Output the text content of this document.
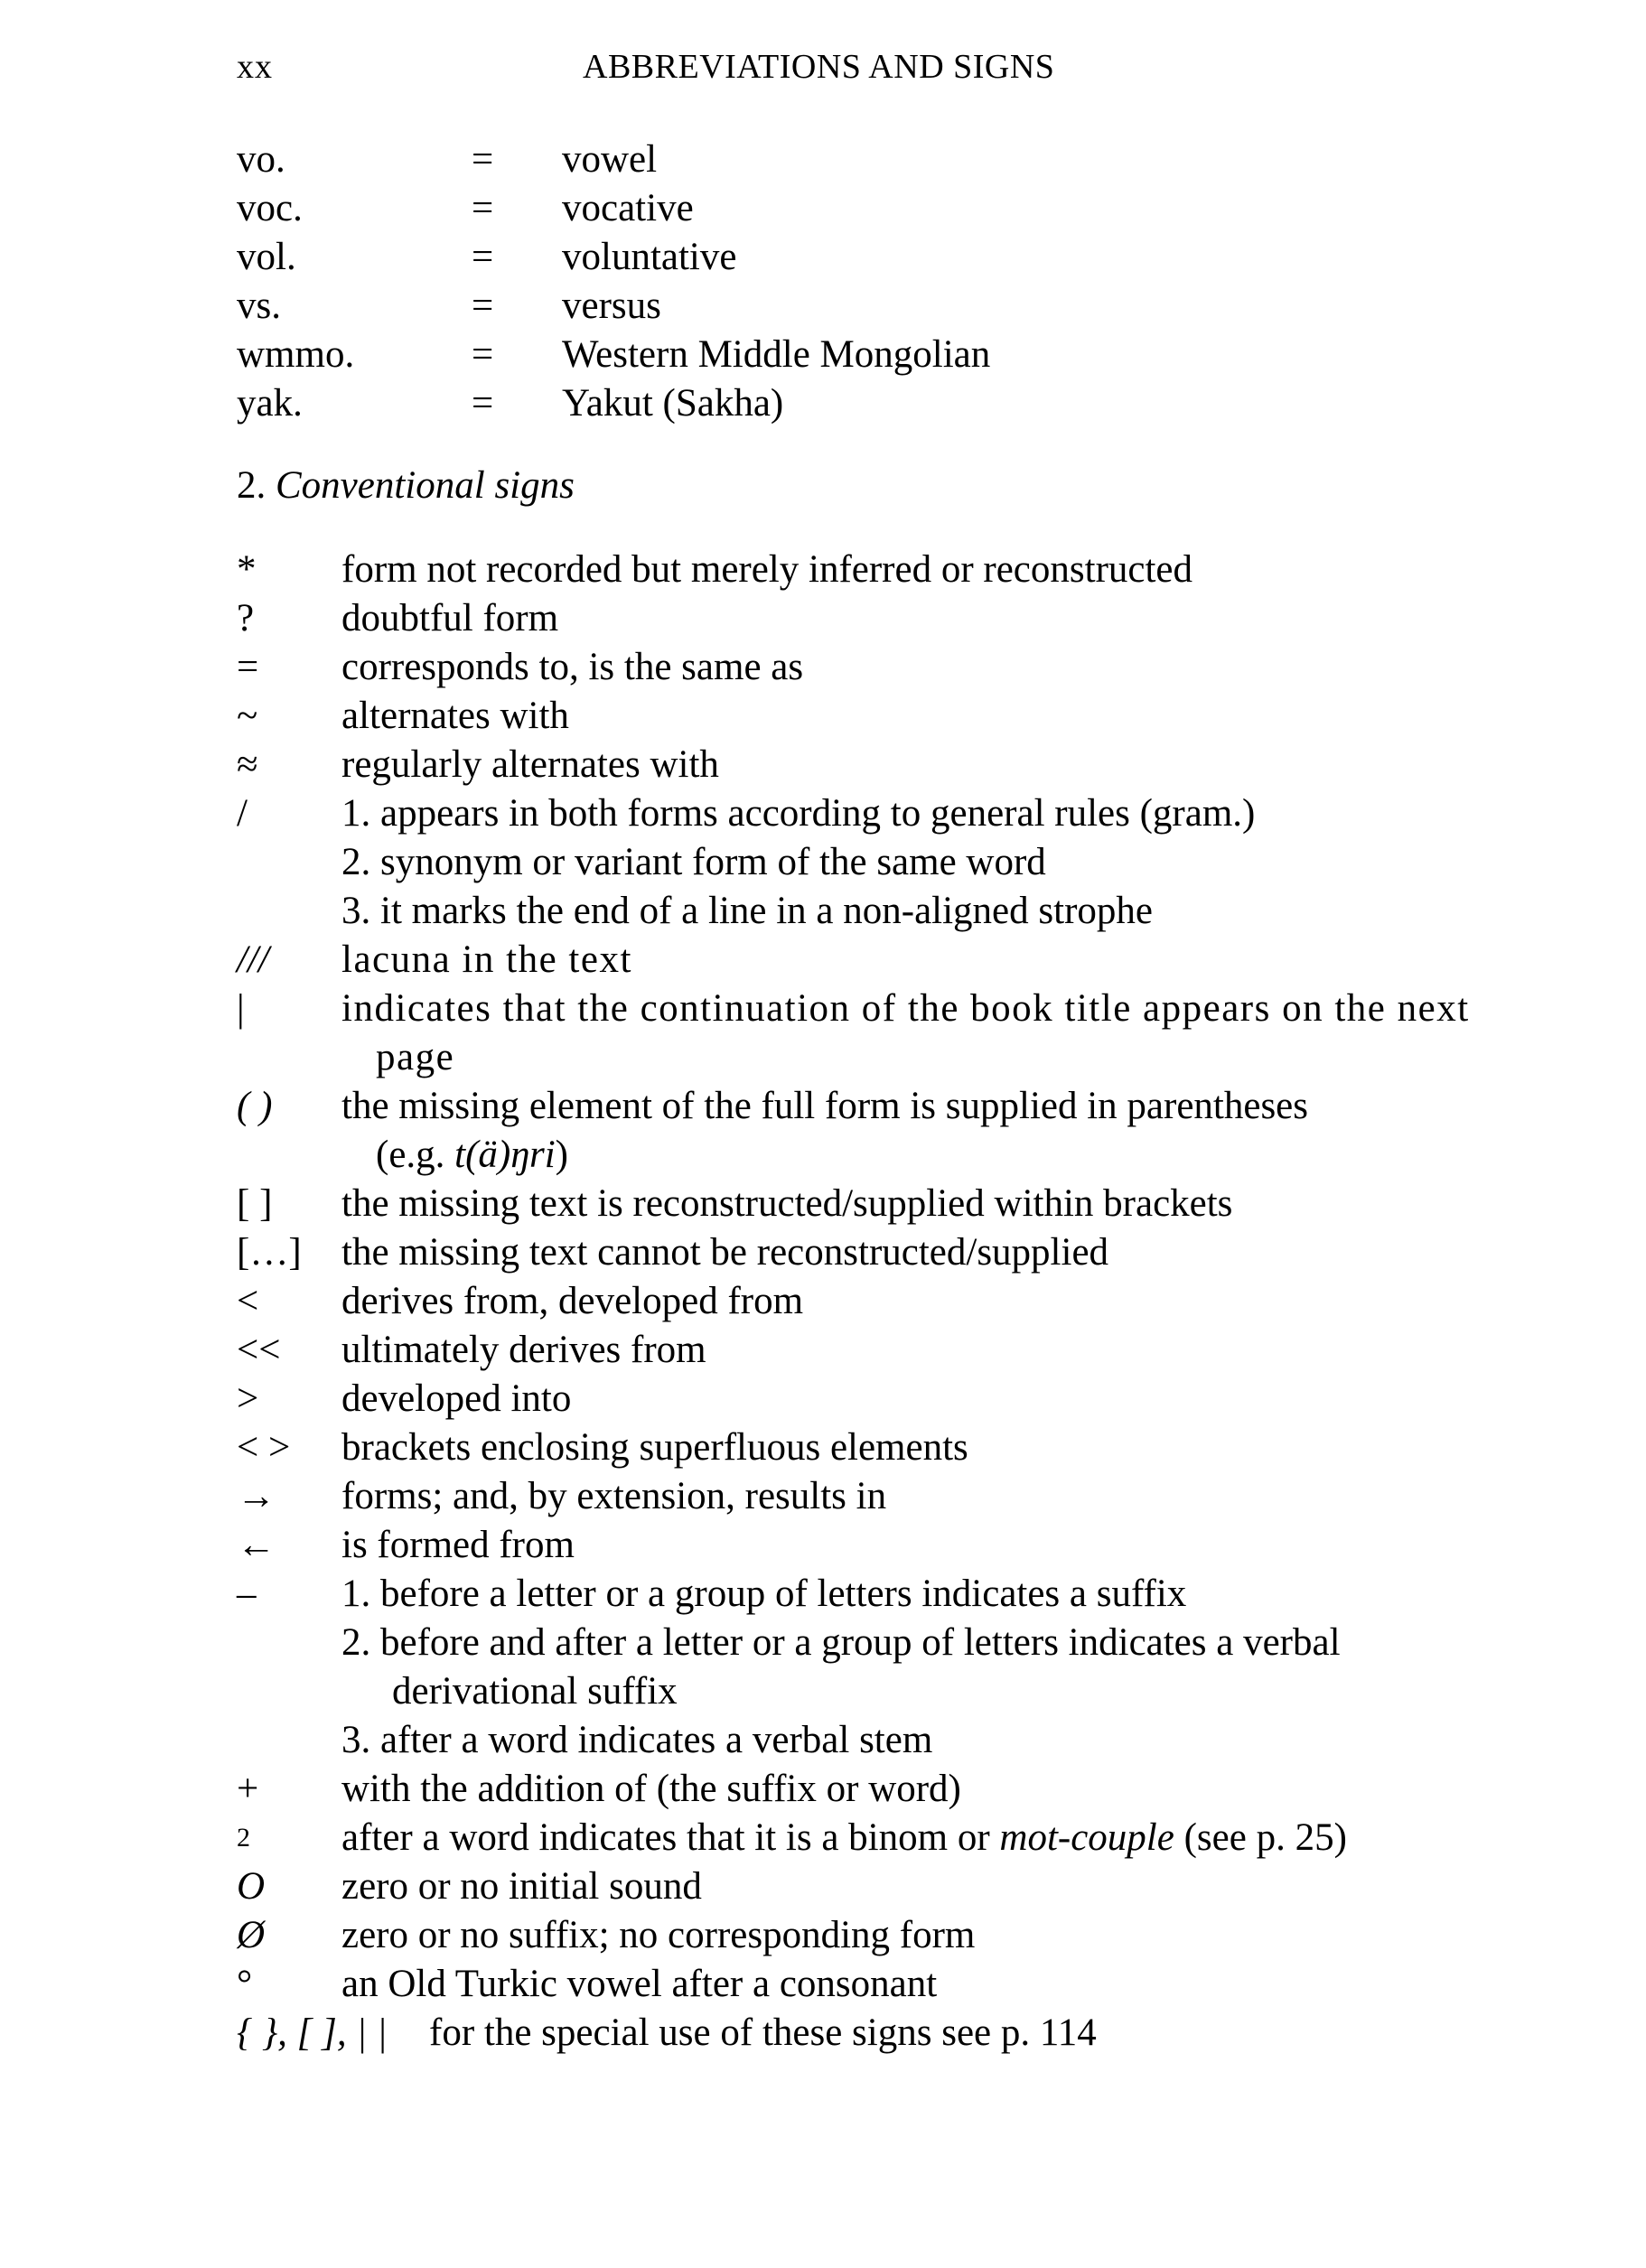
xx	ABBREVIATIONS AND SIGNS
vo.	= vowel
voc.	= vocative
vol.	= voluntative
vs.	= versus
wmmo.	= Western Middle Mongolian
yak.	= Yakut (Sakha)
2. Conventional signs
* form not recorded but merely inferred or reconstructed
? doubtful form
= corresponds to, is the same as
~ alternates with
≈ regularly alternates with
/ 1. appears in both forms according to general rules (gram.)
2. synonym or variant form of the same word
3. it marks the end of a line in a non-aligned strophe
/// lacuna in the text
| indicates that the continuation of the book title appears on the next page
( ) the missing element of the full form is supplied in parentheses
(e.g. t(ä)ŋri)
[ ] the missing text is reconstructed/supplied within brackets
[…] the missing text cannot be reconstructed/supplied
< derives from, developed from
<< ultimately derives from
> developed into
< > brackets enclosing superfluous elements
→ forms; and, by extension, results in
← is formed from
– 1. before a letter or a group of letters indicates a suffix
2. before and after a letter or a group of letters indicates a verbal derivational suffix
3. after a word indicates a verbal stem
+ with the addition of (the suffix or word)
2 after a word indicates that it is a binom or mot-couple (see p. 25)
O zero or no initial sound
Ø zero or no suffix; no corresponding form
° an Old Turkic vowel after a consonant
{ }, [ ], | | for the special use of these signs see p. 114
